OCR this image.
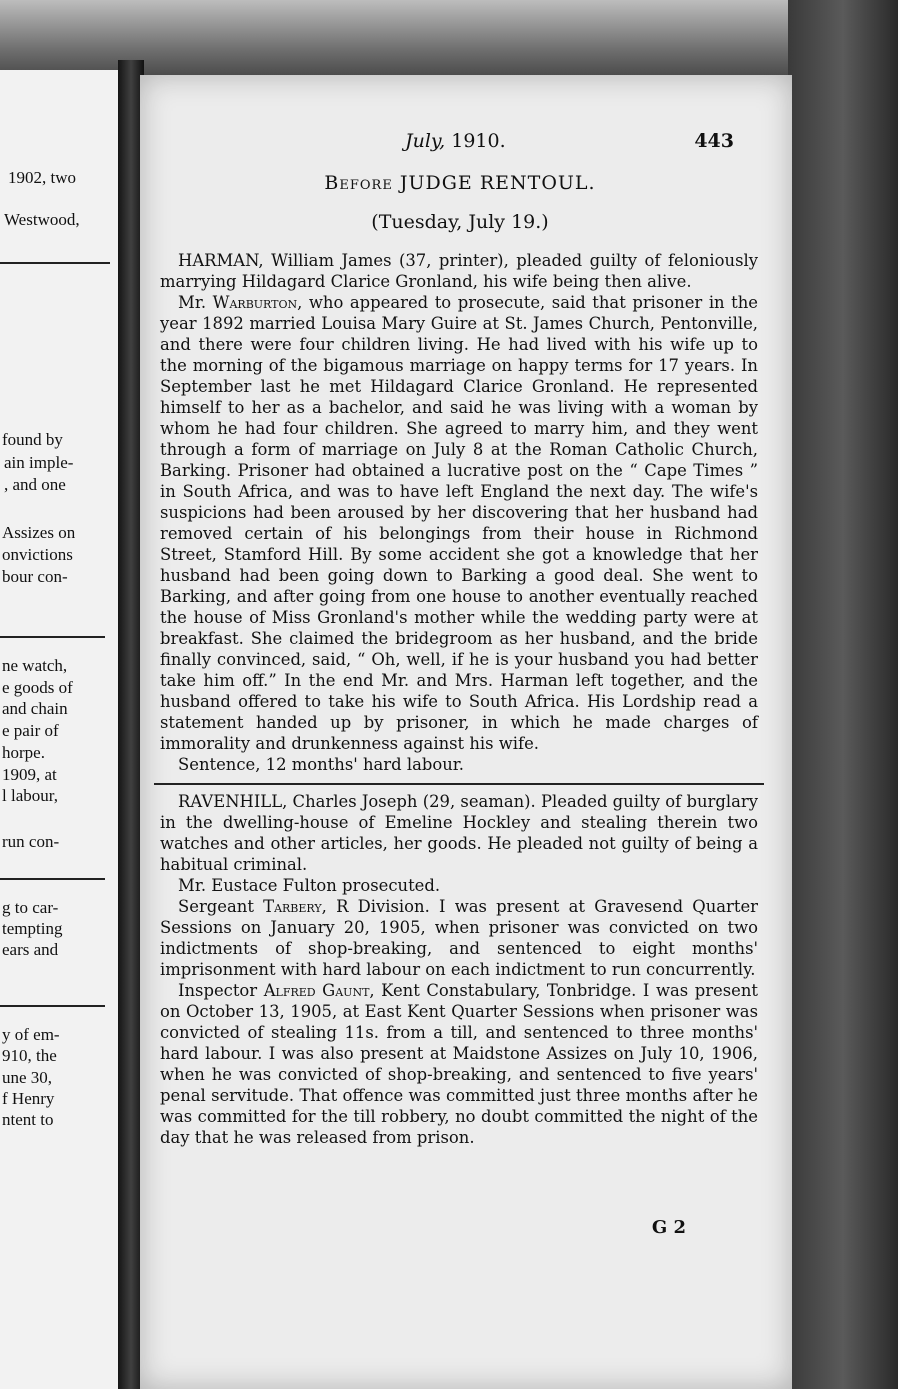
1902, two
Westwood,
found by
ain imple-
, and one
Assizes on
onvictions
bour con-
ne watch,
e goods of
and chain
e pair of
horpe.
1909, at
l labour,
run con-
g to car-
tempting
ears and
y of em-
910, the
une 30,
f Henry
ntent to
July, 1910.	443
Before JUDGE RENTOUL.
(Tuesday, July 19.)

HARMAN, William James (37, printer), pleaded guilty of feloniously marrying Hildagard Clarice Gronland, his wife being then alive.

Mr. Warburton, who appeared to prosecute, said that prisoner in the year 1892 married Louisa Mary Guire at St. James Church, Pentonville, and there were four children living. He had lived with his wife up to the morning of the bigamous marriage on happy terms for 17 years. In September last he met Hildagard Clarice Gronland. He represented himself to her as a bachelor, and said he was living with a woman by whom he had four children. She agreed to marry him, and they went through a form of marriage on July 8 at the Roman Catholic Church, Barking. Prisoner had obtained a lucrative post on the “ Cape Times ” in South Africa, and was to have left England the next day. The wife's suspicions had been aroused by her discovering that her husband had removed certain of his belongings from their house in Richmond Street, Stamford Hill. By some accident she got a knowledge that her husband had been going down to Barking a good deal. She went to Barking, and after going from one house to another eventually reached the house of Miss Gronland's mother while the wedding party were at breakfast. She claimed the bridegroom as her husband, and the bride finally convinced, said, “ Oh, well, if he is your husband you had better take him off.” In the end Mr. and Mrs. Harman left together, and the husband offered to take his wife to South Africa. His Lordship read a statement handed up by prisoner, in which he made charges of immorality and drunkenness against his wife.

Sentence, 12 months' hard labour.

RAVENHILL, Charles Joseph (29, seaman). Pleaded guilty of burglary in the dwelling-house of Emeline Hockley and stealing therein two watches and other articles, her goods. He pleaded not guilty of being a habitual criminal.

Mr. Eustace Fulton prosecuted.

Sergeant Tarbery, R Division. I was present at Gravesend Quarter Sessions on January 20, 1905, when prisoner was convicted on two indictments of shop-breaking, and sentenced to eight months' imprisonment with hard labour on each indictment to run concurrently.

Inspector Alfred Gaunt, Kent Constabulary, Tonbridge. I was present on October 13, 1905, at East Kent Quarter Sessions when prisoner was convicted of stealing 11s. from a till, and sentenced to three months' hard labour. I was also present at Maidstone Assizes on July 10, 1906, when he was convicted of shop-breaking, and sentenced to five years' penal servitude. That offence was committed just three months after he was committed for the till robbery, no doubt committed the night of the day that he was released from prison.

G 2
